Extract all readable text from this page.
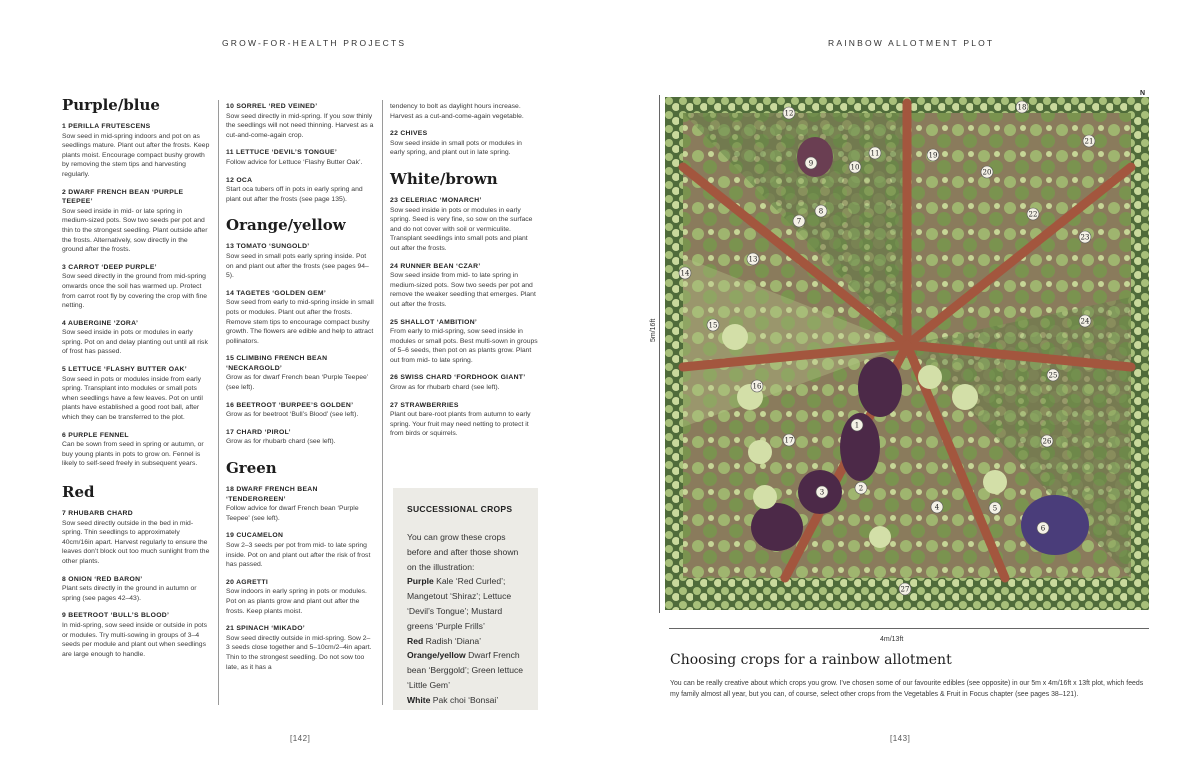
GROW-FOR-HEALTH PROJECTS
[142]
Purple/blue
1 PERILLA FRUTESCENS
Sow seed in mid-spring indoors and pot on as seedlings mature. Plant out after the frosts. Keep plants moist. Encourage compact bushy growth by removing the stem tips and harvesting regularly.
2 DWARF FRENCH BEAN ‘PURPLE TEEPEE’
Sow seed inside in mid- or late spring in medium-sized pots. Sow two seeds per pot and thin to the strongest seedling. Plant outside after the frosts. Alternatively, sow directly in the ground after the frosts.
3 CARROT ‘DEEP PURPLE’
Sow seed directly in the ground from mid-spring onwards once the soil has warmed up. Protect from carrot root fly by covering the crop with fine netting.
4 AUBERGINE ‘ZORA’
Sow seed inside in pots or modules in early spring. Pot on and delay planting out until all risk of frost has passed.
5 LETTUCE ‘FLASHY BUTTER OAK’
Sow seed in pots or modules inside from early spring. Transplant into modules or small pots when seedlings have a few leaves. Pot on until plants have established a good root ball, after which they can be transferred to the plot.
6 PURPLE FENNEL
Can be sown from seed in spring or autumn, or buy young plants in pots to grow on. Fennel is likely to self-seed freely in subsequent years.
Red
7 RHUBARB CHARD
Sow seed directly outside in the bed in mid-spring. Thin seedlings to approximately 40cm/16in apart. Harvest regularly to ensure the leaves don’t block out too much sunlight from the other plants.
8 ONION ‘RED BARON’
Plant sets directly in the ground in autumn or spring (see pages 42–43).
9 BEETROOT ‘BULL’S BLOOD’
In mid-spring, sow seed inside or outside in pots or modules. Try multi-sowing in groups of 3–4 seeds per module and plant out when seedlings are large enough to handle.
10 SORREL ‘RED VEINED’
Sow seed directly in mid-spring. If you sow thinly the seedlings will not need thinning. Harvest as a cut-and-come-again crop.
11 LETTUCE ‘DEVIL’S TONGUE’
Follow advice for Lettuce ‘Flashy Butter Oak’.
12 OCA
Start oca tubers off in pots in early spring and plant out after the frosts (see page 135).
Orange/yellow
13 TOMATO ‘SUNGOLD’
Sow seed in small pots early spring inside. Pot on and plant out after the frosts (see pages 94–5).
14 TAGETES ‘GOLDEN GEM’
Sow seed from early to mid-spring inside in small pots or modules. Plant out after the frosts. Remove stem tips to encourage compact bushy growth. The flowers are edible and help to attract pollinators.
15 CLIMBING FRENCH BEAN ‘NECKARGOLD’
Grow as for dwarf French bean ‘Purple Teepee’ (see left).
16 BEETROOT ‘BURPEE’S GOLDEN’
Grow as for beetroot ‘Bull’s Blood’ (see left).
17 CHARD ‘PIROL’
Grow as for rhubarb chard (see left).
Green
18 DWARF FRENCH BEAN ‘TENDERGREEN’
Follow advice for dwarf French bean ‘Purple Teepee’ (see left).
19 CUCAMELON
Sow 2–3 seeds per pot from mid- to late spring inside. Pot on and plant out after the risk of frost has passed.
20 AGRETTI
Sow indoors in early spring in pots or modules. Pot on as plants grow and plant out after the frosts. Keep plants moist.
21 SPINACH ‘MIKADO’
Sow seed directly outside in mid-spring. Sow 2–3 seeds close together and 5–10cm/2–4in apart. Thin to the strongest seedling. Do not sow too late, as it has a
tendency to bolt as daylight hours increase. Harvest as a cut-and-come-again vegetable.
22 CHIVES
Sow seed inside in small pots or modules in early spring, and plant out in late spring.
White/brown
23 CELERIAC ‘MONARCH’
Sow seed inside in pots or modules in early spring. Seed is very fine, so sow on the surface and do not cover with soil or vermiculite. Transplant seedlings into small pots and plant out after the frosts.
24 RUNNER BEAN ‘CZAR’
Sow seed inside from mid- to late spring in medium-sized pots. Sow two seeds per pot and remove the weaker seedling that emerges. Plant out after the frosts.
25 SHALLOT ‘AMBITION’
From early to mid-spring, sow seed inside in modules or small pots. Best multi-sown in groups of 5–6 seeds, then pot on as plants grow. Plant out from mid- to late spring.
26 SWISS CHARD ‘FORDHOOK GIANT’
Grow as for rhubarb chard (see left).
27 STRAWBERRIES
Plant out bare-root plants from autumn to early spring. Your fruit may need netting to protect it from birds or squirrels.
SUCCESSIONAL CROPS
You can grow these crops before and after those shown on the illustration:
Purple Kale ‘Red Curled’; Mangetout ‘Shiraz’; Lettuce ‘Devil’s Tongue’; Mustard greens ‘Purple Frills’
Red Radish ‘Diana’
Orange/yellow Dwarf French bean ‘Berggold’; Green lettuce ‘Little Gem’
White Pak choi ‘Bonsai’
RAINBOW ALLOTMENT PLOT
[143]
5m/16ft
4m/13ft
N
1
2
3
4	5
6
7
8
9	10
11
12
13
14
15
16
17
18
19
20
21
22
23
24
25
26
27
Choosing crops for a rainbow allotment
You can be really creative about which crops you grow. I’ve chosen some of our favourite edibles (see opposite) in our 5m x 4m/16ft x 13ft plot, which feeds my family almost all year, but you can, of course, select other crops from the Vegetables & Fruit in Focus chapter (see pages 38–121).
